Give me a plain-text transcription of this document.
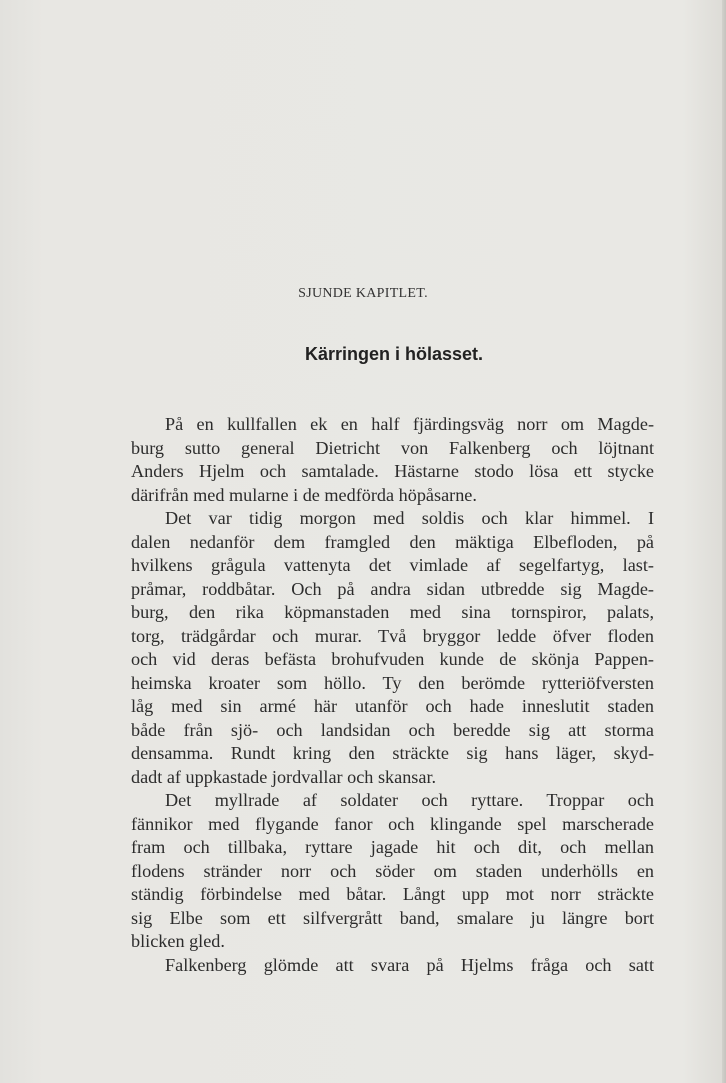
SJUNDE KAPITLET.
Kärringen i hölasset.
På en kullfallen ek en half fjärdingsväg norr om Magde-
burg sutto general Dietricht von Falkenberg och löjtnant
Anders Hjelm och samtalade. Hästarne stodo lösa ett stycke
därifrån med mularne i de medförda höpåsarne.
Det var tidig morgon med soldis och klar himmel. I
dalen nedanför dem framgled den mäktiga Elbefloden, på
hvilkens grågula vattenyta det vimlade af segelfartyg, last-
pråmar, roddbåtar. Och på andra sidan utbredde sig Magde-
burg, den rika köpmanstaden med sina tornspiror, palats,
torg, trädgårdar och murar. Två bryggor ledde öfver floden
och vid deras befästa brohufvuden kunde de skönja Pappen-
heimska kroater som höllo. Ty den berömde rytteriöfversten
låg med sin armé här utanför och hade inneslutit staden
både från sjö- och landsidan och beredde sig att storma
densamma. Rundt kring den sträckte sig hans läger, skyd-
dadt af uppkastade jordvallar och skansar.
Det myllrade af soldater och ryttare. Troppar och
fännikor med flygande fanor och klingande spel marscherade
fram och tillbaka, ryttare jagade hit och dit, och mellan
flodens stränder norr och söder om staden underhölls en
ständig förbindelse med båtar. Långt upp mot norr sträckte
sig Elbe som ett silfvergrått band, smalare ju längre bort
blicken gled.
Falkenberg glömde att svara på Hjelms fråga och satt
